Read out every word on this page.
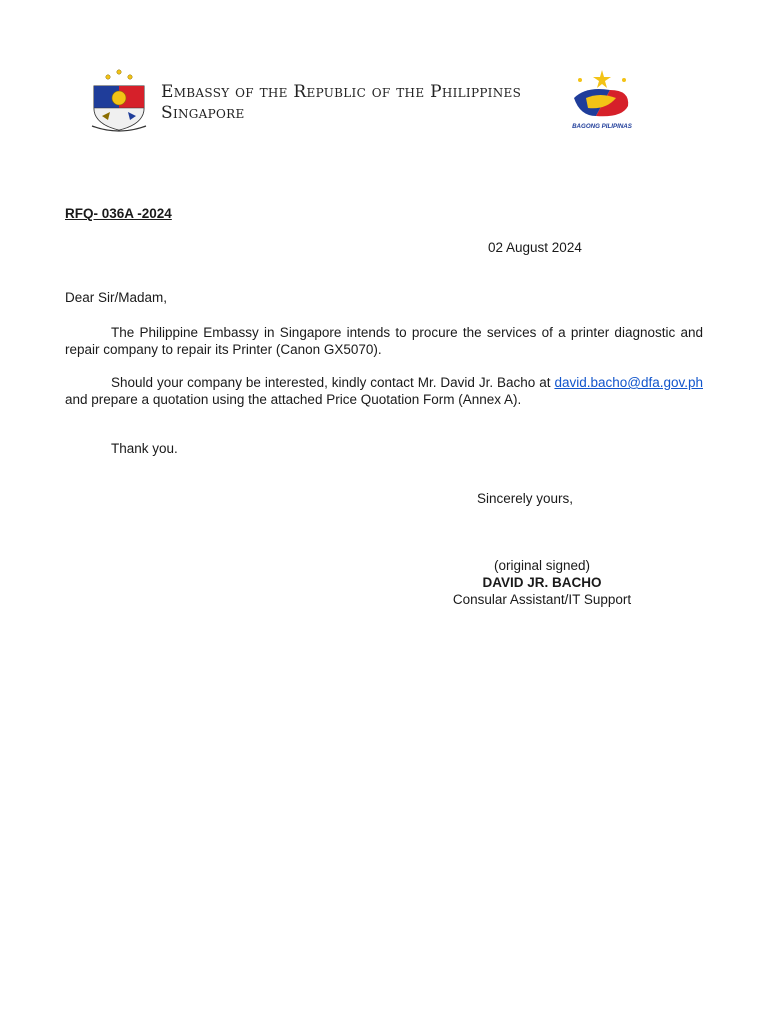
Embassy of the Republic of the Philippines
Singapore
BAGONG PILIPINAS
RFQ- 036A -2024
02 August 2024
Dear Sir/Madam,
The Philippine Embassy in Singapore intends to procure the services of a printer diagnostic and repair company to repair its Printer (Canon GX5070).
Should your company be interested, kindly contact Mr. David Jr. Bacho at david.bacho@dfa.gov.ph and prepare a quotation using the attached Price Quotation Form (Annex A).
Thank you.
Sincerely yours,
(original signed)
DAVID JR. BACHO
Consular Assistant/IT Support
